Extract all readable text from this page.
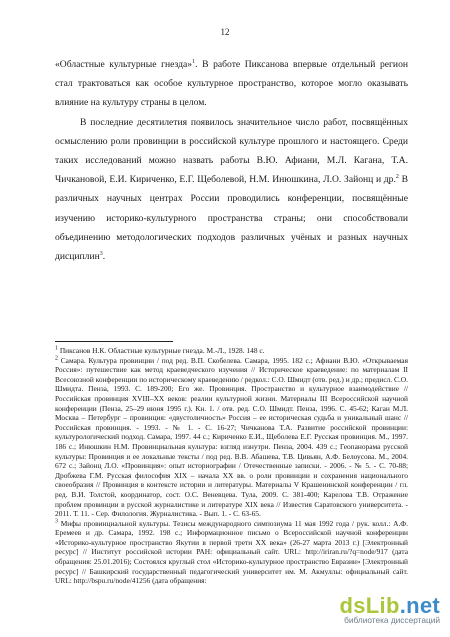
12

«Областные культурные гнезда»$^1$. В работе Пиксанова впервые отдельный регион стал трактоваться как особое культурное пространство, которое могло оказывать влияние на культуру страны в целом.

В последние десятилетия появилось значительное число работ, посвящённых осмыслению роли провинции в российской культуре прошлого и настоящего. Среди таких исследований можно назвать работы В.Ю. Афиани, М.Л. Кагана, Т.А. Чичкановой, Е.И. Кириченко, Е.Г. Щеболевой, Н.М. Инюшкина, Л.О. Зайонц и др.$^2$ В различных научных центрах России проводились конференции, посвящённые изучению историко-культурного пространства страны; они способствовали объединению методологических подходов различных учёных и разных научных дисциплин$^3$.

$^1$ Пиксанов Н.К. Областные культурные гнезда. М.-Л., 1928. 148 с.

$^2$ Самара. Культура провинции / под ред. В.П. Скобелева. Самара, 1995. 182 с.; Афиани В.Ю. «Открываемая Россия»: путешествие как метод краеведческого изучения // Историческое краеведение: по материалам II Всесоюзной конференции по историческому краеведению / редкол.: С.О. Шмидт (отв. ред.) и др.; предисл. С.О. Шмидта. Пенза, 1993. С. 189-200; Его же. Провинция. Пространство и культурное взаимодействие // Российская провинция XVIII–XX веков: реалии культурной жизни. Материалы III Всероссийской научной конференции (Пенза, 25–29 июня 1995 г.). Кн. 1. / отв. ред. С.О. Шмидт. Пенза, 1996. С. 45-62; Каган М.Л. Москва – Петербург – провинция: «двустоличность» Россия – ее историческая судьба и уникальный шанс // Российская провинция. - 1993. - № 1. - С. 16-27; Чичканова Т.А. Развитие российской провинции: культурологический подход. Самара, 1997. 44 с.; Кириченко Е.И., Щеболева Е.Г. Русская провинция. М., 1997. 186 с.; Инюшкин Н.М. Провинциальная культура: взгляд изнутри. Пенза, 2004. 439 с.; Геопанорама русской культуры: Провинция и ее локальные тексты / под ред. В.В. Абашева, Т.В. Цивьян, А.Ф. Белоусова. М., 2004. 672 с.; Зайонц Л.О. «Провинция»: опыт историографии / Отечественные записки. - 2006. - № 5. - С. 70-88; Дробжева Г.М. Русская философия XIX – начала XX вв. о роли провинции и сохранения национального своеобразия // Провинция в контексте истории и литературы. Материалы V Крашенинской конференции / гл. ред. В.И. Толстой, координатор, сост. О.С. Веневцева. Тула, 2009. С. 381-400; Карелова Т.В. Отражение проблем провинции в русской журналистике и литературе XIX века // Известия Саратовского университета. - 2011. Т. 11. - Сер. Филология. Журналистика. - Вып. 1. - С. 63-65.

$^3$ Мифы провинциальной культуры. Тезисы международного симпозиума 11 мая 1992 года / рук. колл.: А.Ф. Еремеев и др. Самара, 1992. 198 с.; Информационное письмо о Всероссийской научной конференции «Историко-культурное пространство Якутии в первой трети XX века» (26-27 марта 2013 г.) [Электронный ресурс] // Институт российской истории РАН: официальный сайт. URL: http://iriran.ru/?q=node/917 (дата обращения: 25.01.2016); Состоялся круглый стол «Историко-культурное пространство Евразии» [Электронный ресурс] // Башкирский государственный педагогический университет им. М. Акмуллы: официальный сайт. URL: http://bspu.ru/node/41256 (дата обращения:

dsLib.net
библиотека диссертаций
